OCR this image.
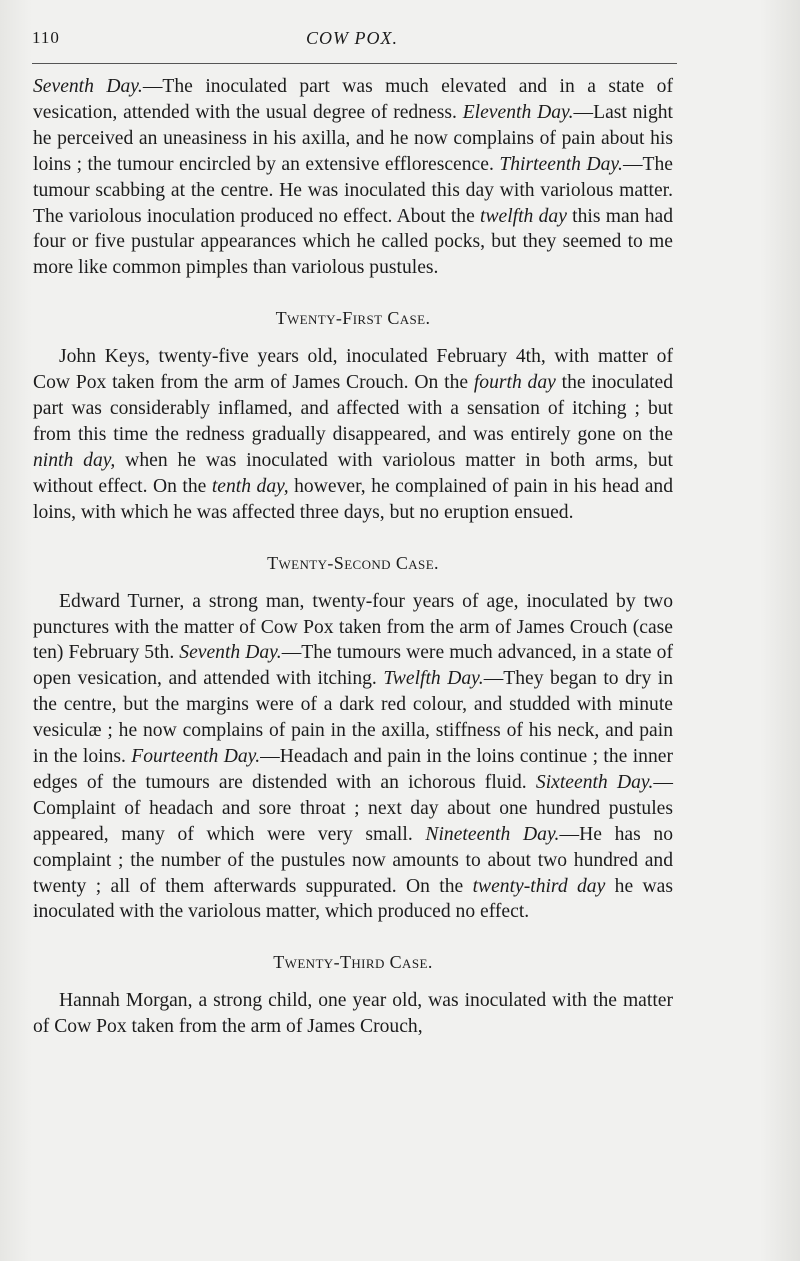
110	COW POX.

Seventh Day.—The inoculated part was much elevated and in a state of vesication, attended with the usual degree of redness. Eleventh Day.—Last night he perceived an uneasiness in his axilla, and he now complains of pain about his loins ; the tumour encircled by an extensive efflorescence. Thirteenth Day.—The tumour scabbing at the centre. He was inoculated this day with variolous matter. The variolous inoculation produced no effect. About the twelfth day this man had four or five pustular appearances which he called pocks, but they seemed to me more like common pimples than variolous pustules.

Twenty-First Case.

John Keys, twenty-five years old, inoculated February 4th, with matter of Cow Pox taken from the arm of James Crouch. On the fourth day the inoculated part was considerably inflamed, and affected with a sensation of itching ; but from this time the redness gradually disappeared, and was entirely gone on the ninth day, when he was inoculated with variolous matter in both arms, but without effect. On the tenth day, however, he complained of pain in his head and loins, with which he was affected three days, but no eruption ensued.

Twenty-Second Case.

Edward Turner, a strong man, twenty-four years of age, inoculated by two punctures with the matter of Cow Pox taken from the arm of James Crouch (case ten) February 5th. Seventh Day.—The tumours were much advanced, in a state of open vesication, and attended with itching. Twelfth Day.—They began to dry in the centre, but the margins were of a dark red colour, and studded with minute vesiculæ ; he now complains of pain in the axilla, stiffness of his neck, and pain in the loins. Fourteenth Day.—Headach and pain in the loins continue ; the inner edges of the tumours are distended with an ichorous fluid. Sixteenth Day.—Complaint of headach and sore throat ; next day about one hundred pustules appeared, many of which were very small. Nineteenth Day.—He has no complaint ; the number of the pustules now amounts to about two hundred and twenty ; all of them afterwards suppurated. On the twenty-third day he was inoculated with the variolous matter, which produced no effect.

Twenty-Third Case.

Hannah Morgan, a strong child, one year old, was inoculated with the matter of Cow Pox taken from the arm of James Crouch,
